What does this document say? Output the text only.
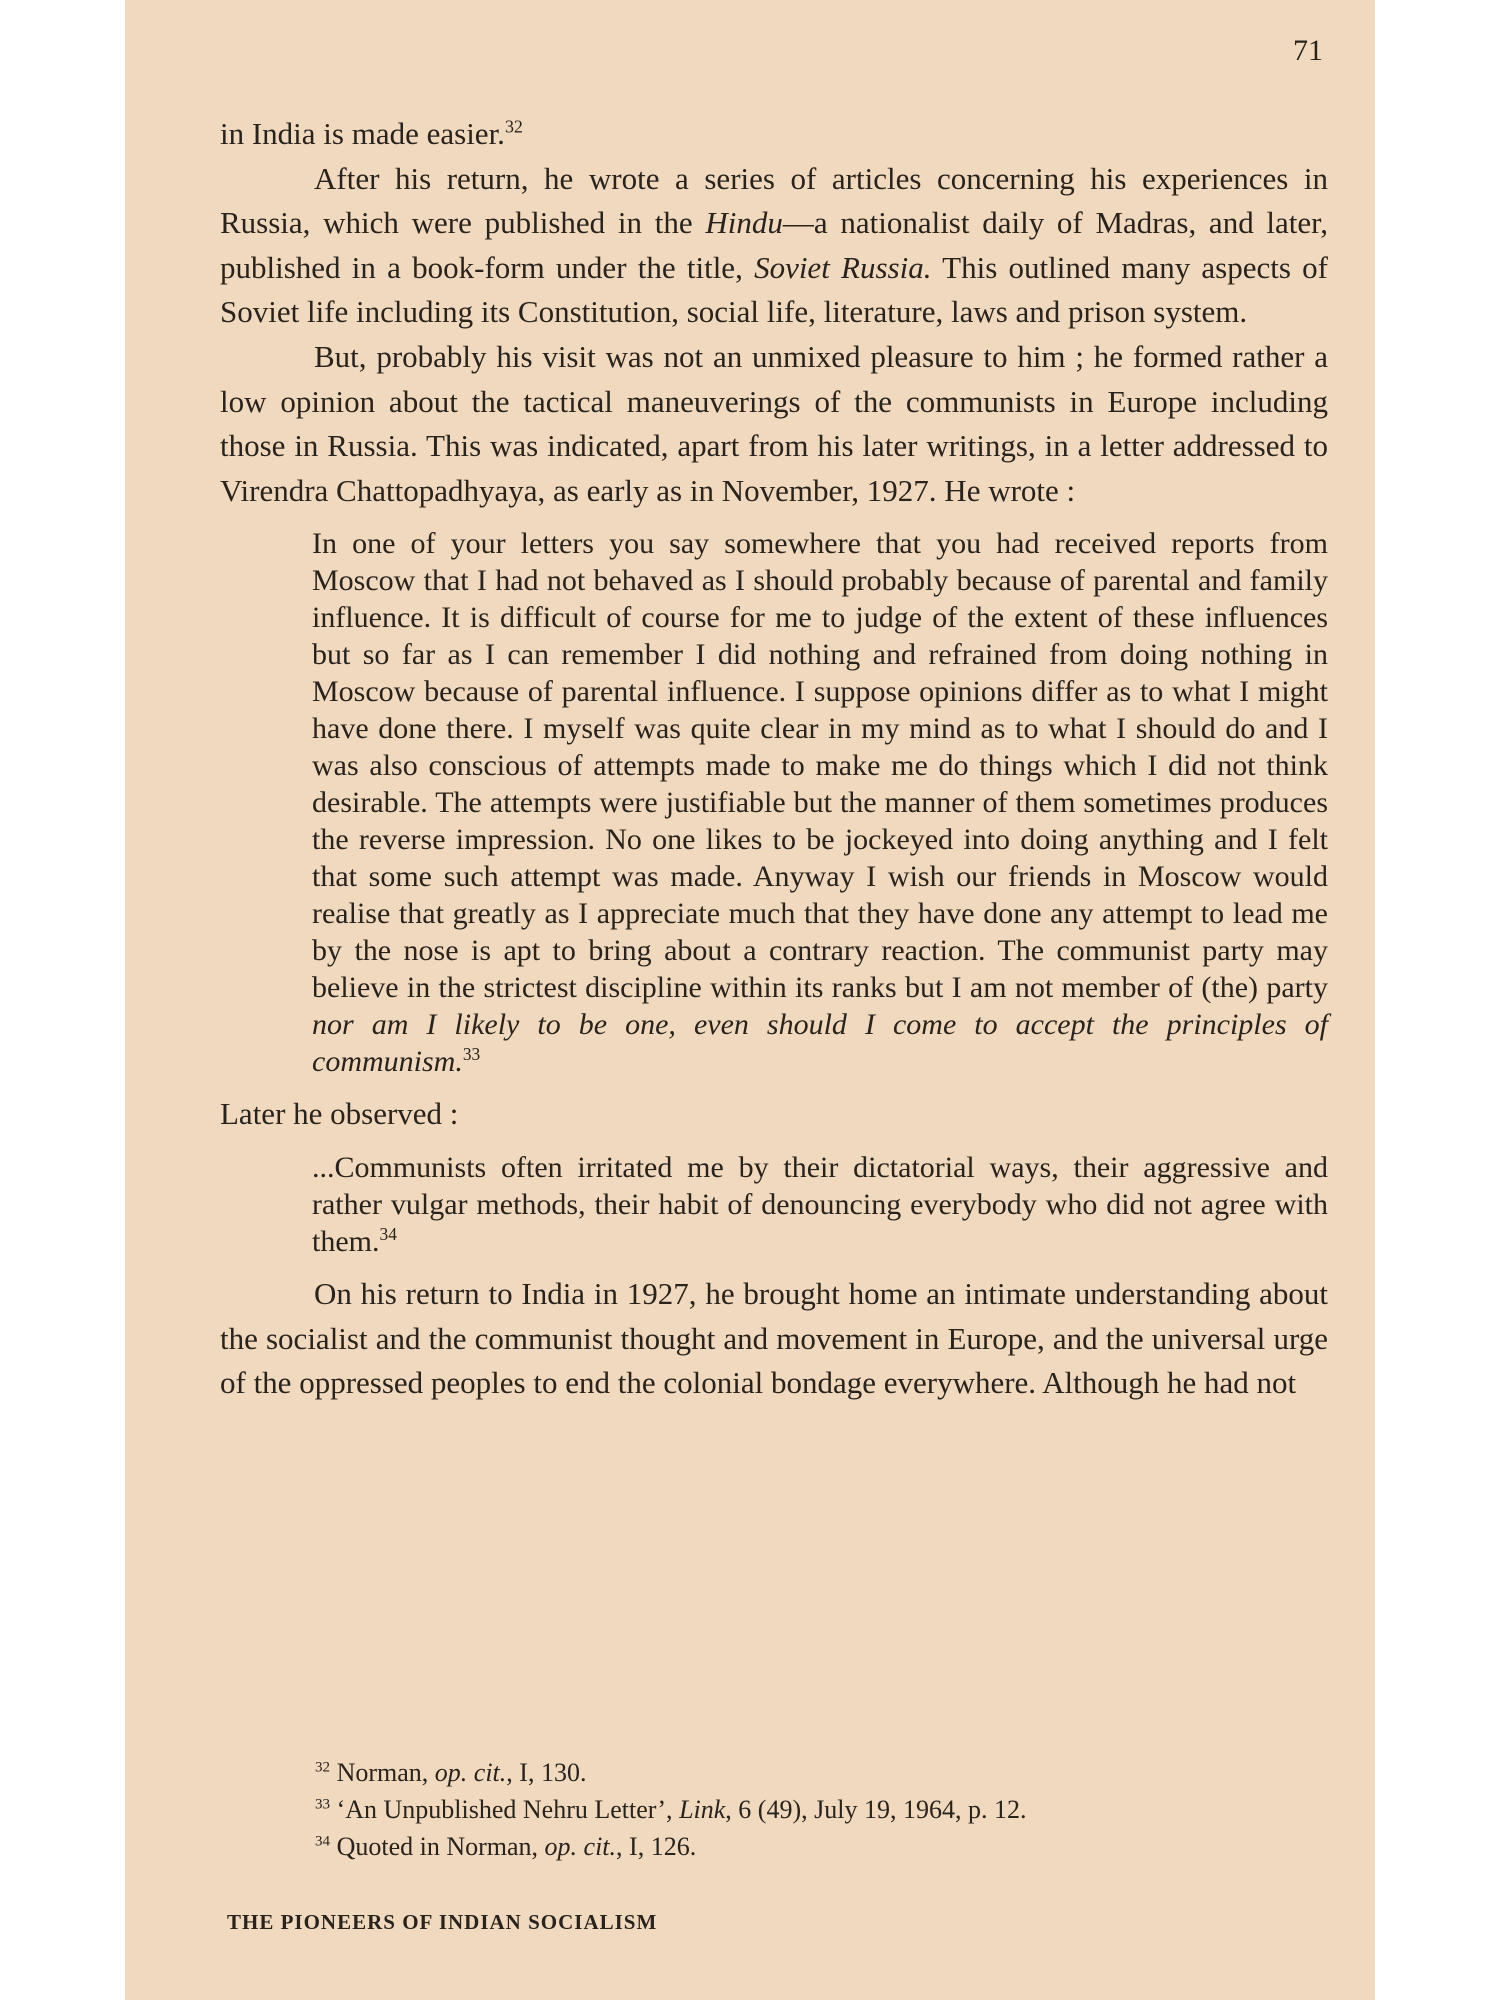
71

in India is made easier.$^{32}$

After his return, he wrote a series of articles concerning his experiences in Russia, which were published in the Hindu—a nationalist daily of Madras, and later, published in a book-form under the title, Soviet Russia. This outlined many aspects of Soviet life including its Constitution, social life, literature, laws and prison system.

But, probably his visit was not an unmixed pleasure to him ; he formed rather a low opinion about the tactical maneuverings of the communists in Europe including those in Russia. This was indicated, apart from his later writings, in a letter addressed to Virendra Chattopadhyaya, as early as in November, 1927. He wrote :

In one of your letters you say somewhere that you had received reports from Moscow that I had not behaved as I should probably because of parental and family influence. It is difficult of course for me to judge of the extent of these influences but so far as I can remember I did nothing and refrained from doing nothing in Moscow because of parental influence. I suppose opinions differ as to what I might have done there. I myself was quite clear in my mind as to what I should do and I was also conscious of attempts made to make me do things which I did not think desirable. The attempts were justifiable but the manner of them sometimes produces the reverse impression. No one likes to be jockeyed into doing anything and I felt that some such attempt was made. Anyway I wish our friends in Moscow would realise that greatly as I appreciate much that they have done any attempt to lead me by the nose is apt to bring about a contrary reaction. The communist party may believe in the strictest discipline within its ranks but I am not member of (the) party nor am I likely to be one, even should I come to accept the principles of communism.$^{33}$

Later he observed :

...Communists often irritated me by their dictatorial ways, their aggressive and rather vulgar methods, their habit of denouncing everybody who did not agree with them.$^{34}$

On his return to India in 1927, he brought home an intimate understanding about the socialist and the communist thought and movement in Europe, and the universal urge of the oppressed peoples to end the colonial bondage everywhere. Although he had not

$^{32}$ Norman, op. cit., I, 130.
$^{33}$ ‘An Unpublished Nehru Letter’, Link, 6 (49), July 19, 1964, p. 12.
$^{34}$ Quoted in Norman, op. cit., I, 126.
THE PIONEERS OF INDIAN SOCIALISM
